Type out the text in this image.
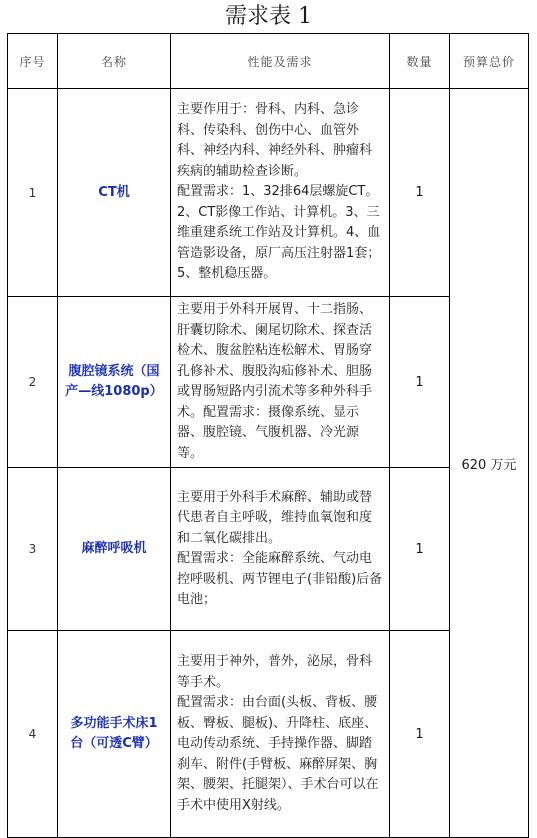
需求表 1
序号	名称	性能及需求	数量	预算总价
1	CT机	主要作用于：骨科、内科、急诊科、传染科、创伤中心、血管外科、神经内科、神经外科、肿瘤科疾病的辅助检查诊断。

配置需求：1、32排64层螺旋CT。2、CT影像工作站、计算机。3、三维重建系统工作站及计算机。4、血管造影设备，原厂高压注射器1套；5、整机稳压器。	1	620 万元
2	腹腔镜系统（国产—线1080p）	主要用于外科开展胃、十二指肠、肝囊切除术、阑尾切除术、探查活检术、腹盆腔粘连松解术、胃肠穿孔修补术、腹股沟疝修补术、胆肠或胃肠短路内引流术等多种外科手术。配置需求：摄像系统、显示器、腹腔镜、气腹机器、冷光源等。	1	
3	麻醉呼吸机	主要用于外科手术麻醉、辅助或替代患者自主呼吸，维持血氧饱和度和二氧化碳排出。

配置需求：全能麻醉系统、气动电控呼吸机、两节锂电子(非铅酸)后备电池；	1	
4	多功能手术床1台（可透C臂）	主要用于神外，普外，泌尿，骨科等手术。

配置需求：由台面(头板、背板、腰板、臀板、腿板)、升降柱、底座、电动传动系统、手持操作器、脚踏刹车、附件(手臂板、麻醉屏架、胸架、腰架、托腿架）、手术台可以在手术中使用X射线。	1	
